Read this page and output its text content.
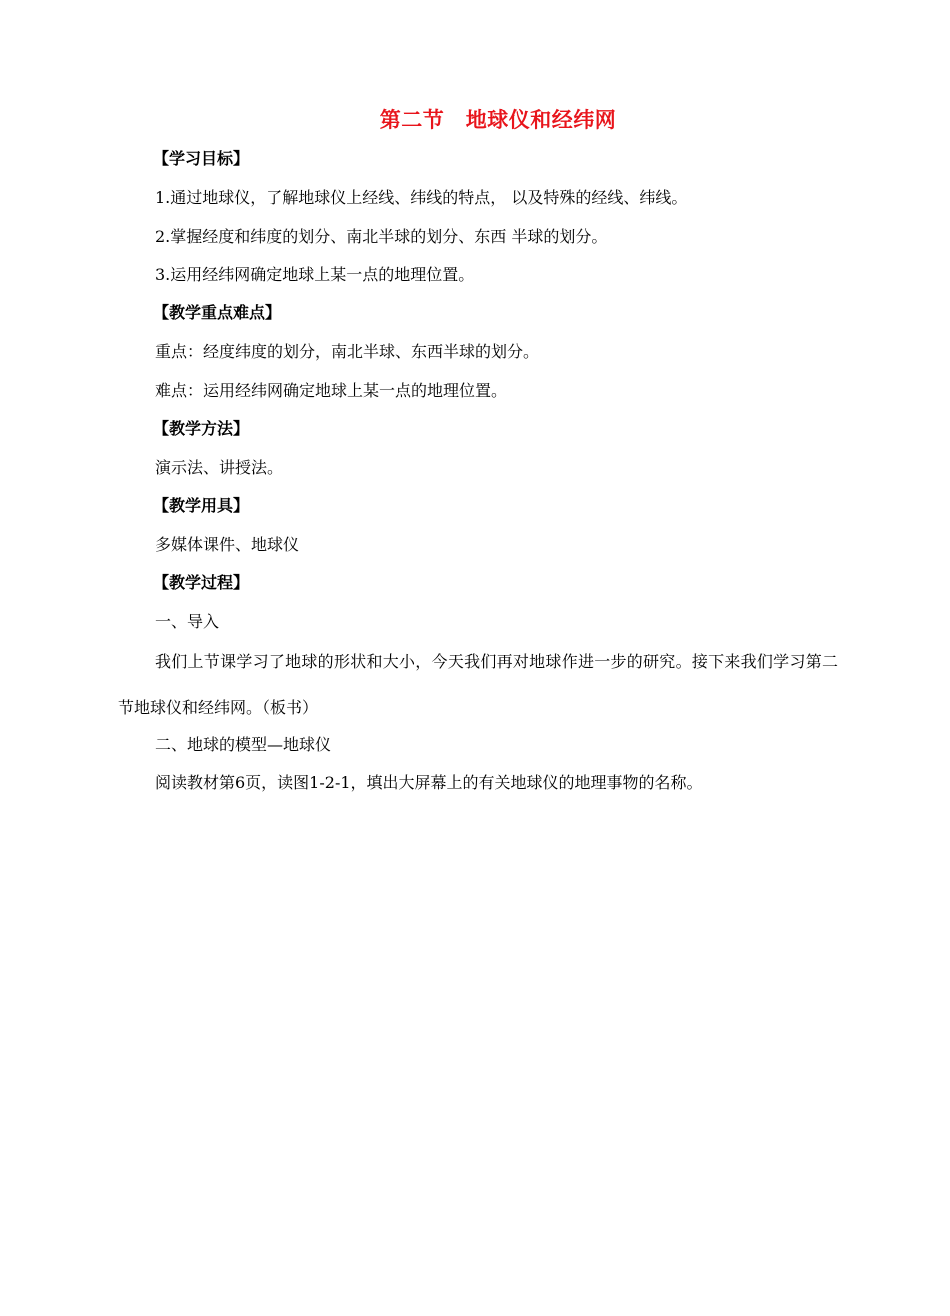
第二节　地球仪和经纬网
【学习目标】
1.通过地球仪，了解地球仪上经线、纬线的特点， 以及特殊的经线、纬线。
2.掌握经度和纬度的划分、南北半球的划分、东西 半球的划分。
3.运用经纬网确定地球上某一点的地理位置。
【教学重点难点】
重点：经度纬度的划分，南北半球、东西半球的划分。
难点：运用经纬网确定地球上某一点的地理位置。
【教学方法】
演示法、讲授法。
【教学用具】
多媒体课件、地球仪
【教学过程】
一、导入
我们上节课学习了地球的形状和大小，今天我们再对地球作进一步的研究。接下来我们学习第二节地球仪和经纬网。（板书）
二、地球的模型—地球仪
阅读教材第6页，读图1-2-1，填出大屏幕上的有关地球仪的地理事物的名称。
